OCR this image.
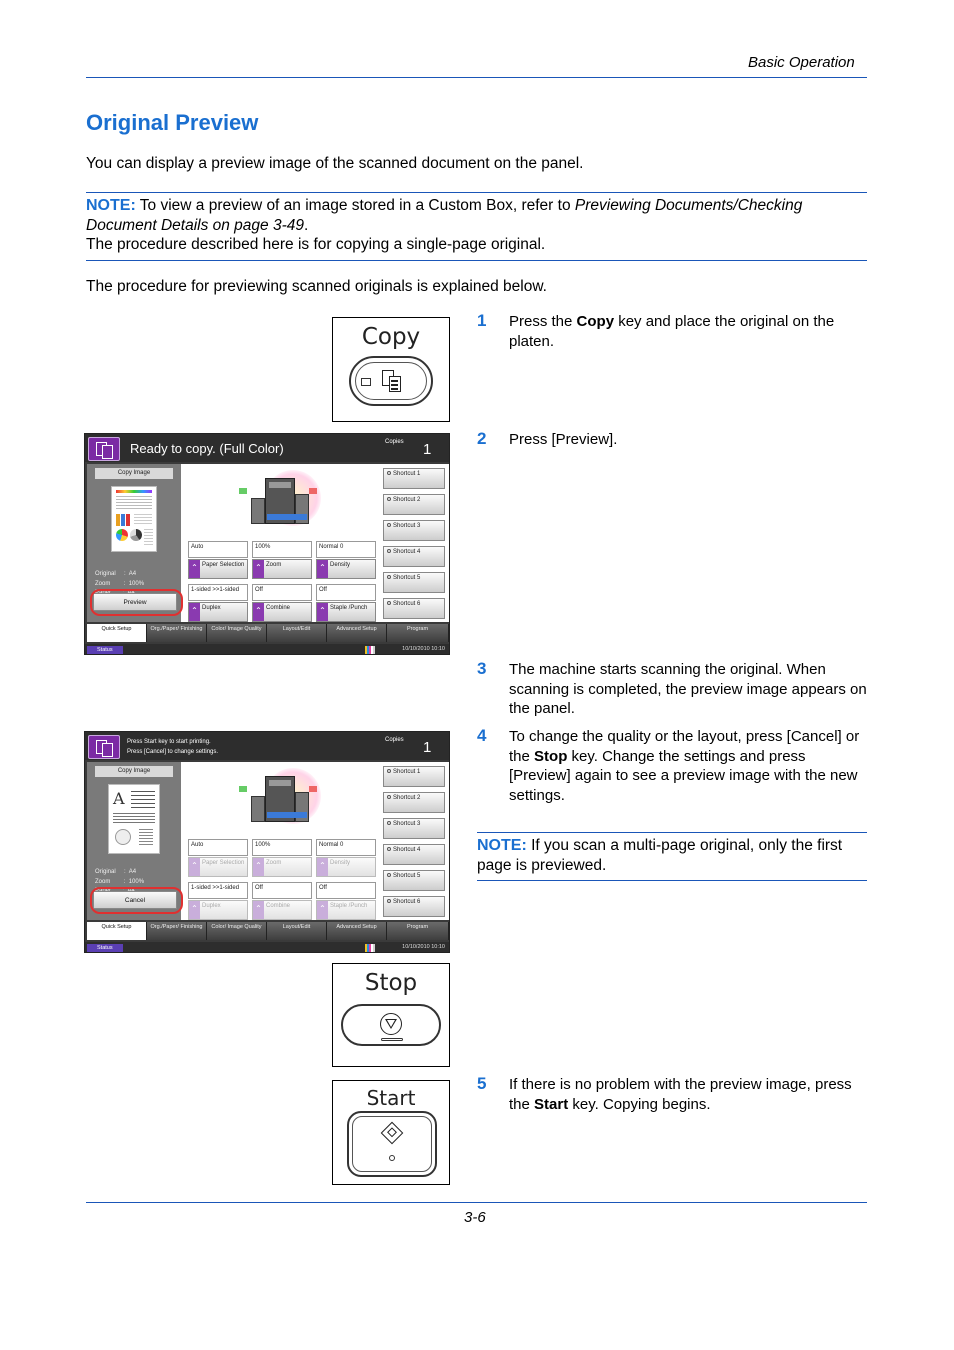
Basic Operation
Original Preview
You can display a preview image of the scanned document on the panel.
NOTE: To view a preview of an image stored in a Custom Box, refer to Previewing Documents/Checking Document Details on page 3-49.
The procedure described here is for copying a single-page original.
The procedure for previewing scanned originals is explained below.
Copy
1 Press the Copy key and place the original on the platen.
2 Press [Preview].
Ready to copy. (Full Color)	Copies 1
Copy Image
Original     :  A4
Zoom        :  100%

Preview
Auto	100%	Normal 0
⌃ Paper Selection	⌃ Zoom	⌃ Density
1-sided >>1-sided	Off	Off
⌃ Duplex	⌃ Combine	⌃ Staple /Punch
Shortcut 1
Shortcut 2
Shortcut 3
Shortcut 4
Shortcut 5
Shortcut 6
Quick Setup	Org./Paper/ Finishing	Color/ Image Quality	Layout/Edit	Advanced Setup	Program
Status	10/10/2010 10:10
3 The machine starts scanning the original. When scanning is completed, the preview image appears on the panel.
4 To change the quality or the layout, press [Cancel] or the Stop key. Change the settings and press [Preview] again to see a preview image with the new settings.
Press Start key to start printing.
Press [Cancel] to change settings.
Copies 1
Copy Image
A
Original     :  A4
Zoom        :  100%

Cancel
Auto	100%	Normal 0
⌃ Paper Selection	⌃ Zoom	⌃ Density
1-sided >>1-sided	Off	Off
⌃ Duplex	⌃ Combine	⌃ Staple /Punch
Shortcut 1
Shortcut 2
Shortcut 3
Shortcut 4
Shortcut 5
Shortcut 6
Quick Setup	Org./Paper/ Finishing	Color/ Image Quality	Layout/Edit	Advanced Setup	Program
Status	10/10/2010 10:10
NOTE: If you scan a multi-page original, only the first page is previewed.
Stop
5 If there is no problem with the preview image, press the Start key. Copying begins.
Start
3-6
